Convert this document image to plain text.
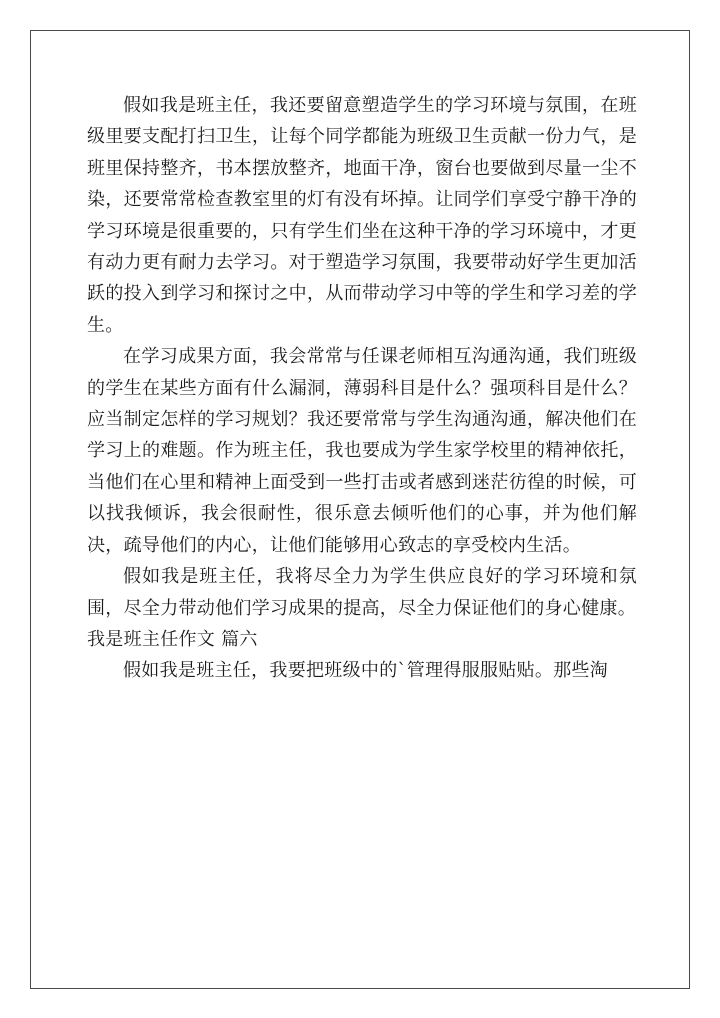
假如我是班主任，我还要留意塑造学生的学习环境与氛围，在班级里要支配打扫卫生，让每个同学都能为班级卫生贡献一份力气，是班里保持整齐，书本摆放整齐，地面干净，窗台也要做到尽量一尘不染，还要常常检查教室里的灯有没有坏掉。让同学们享受宁静干净的学习环境是很重要的，只有学生们坐在这种干净的学习环境中，才更有动力更有耐力去学习。对于塑造学习氛围，我要带动好学生更加活跃的投入到学习和探讨之中，从而带动学习中等的学生和学习差的学生。

在学习成果方面，我会常常与任课老师相互沟通沟通，我们班级的学生在某些方面有什么漏洞，薄弱科目是什么？强项科目是什么？应当制定怎样的学习规划？我还要常常与学生沟通沟通，解决他们在学习上的难题。作为班主任，我也要成为学生家学校里的精神依托，当他们在心里和精神上面受到一些打击或者感到迷茫彷徨的时候，可以找我倾诉，我会很耐性，很乐意去倾听他们的心事，并为他们解决，疏导他们的内心，让他们能够用心致志的享受校内生活。

假如我是班主任，我将尽全力为学生供应良好的学习环境和氛围，尽全力带动他们学习成果的提高，尽全力保证他们的身心健康。

我是班主任作文 篇六

假如我是班主任，我要把班级中的`管理得服服贴贴。那些淘
